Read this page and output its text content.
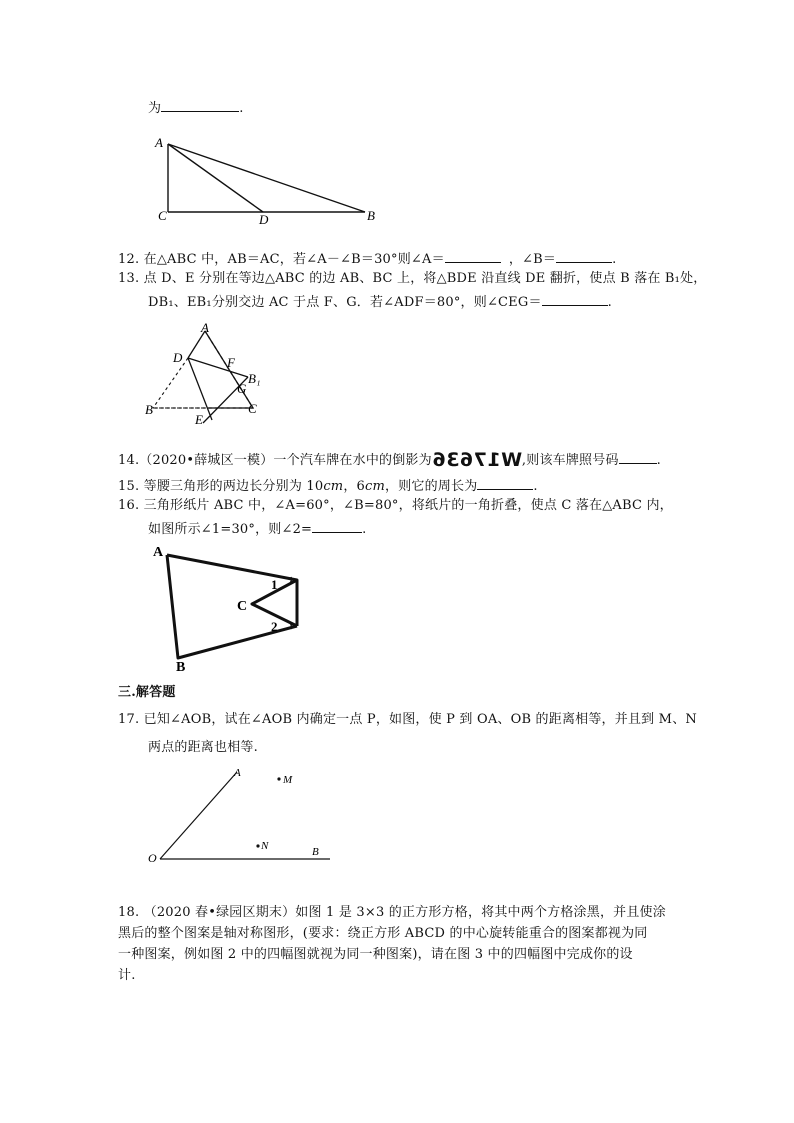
为	.
A
C	D	B
12. 在△ABC 中，AB＝AC，若∠A－∠B＝30°则∠A＝	，∠B＝	.
13. 点 D、E 分别在等边△ABC 的边 AB、BC 上，将△BDE 沿直线 DE 翻折，使点 B 落在 B₁处，
DB₁、EB₁分别交边 AC 于点 F、G．若∠ADF＝80°，则∠CEG＝	.
A
D	F
B₁
G
B
E
C
14.（2020•薛城区一模）一个汽车牌在水中的倒影为W17636,则该车牌照号码	.
15. 等腰三角形的两边长分别为 10cm，6cm，则它的周长为	.
16. 三角形纸片 ABC 中，∠A=60°，∠B=80°，将纸片的一角折叠，使点 C 落在△ABC 内，
如图所示∠1=30°，则∠2=	.
A
1
C
2
B
三.解答题
17. 已知∠AOB，试在∠AOB 内确定一点 P，如图，使 P 到 OA、OB 的距离相等，并且到 M、N
两点的距离也相等.
A
M
N
O	B
18. （2020 春•绿园区期末）如图 1 是 3×3 的正方形方格，将其中两个方格涂黑，并且使涂
黑后的整个图案是轴对称图形，(要求：绕正方形 ABCD 的中心旋转能重合的图案都视为同
一种图案，例如图 2 中的四幅图就视为同一种图案)，请在图 3 中的四幅图中完成你的设
计.
